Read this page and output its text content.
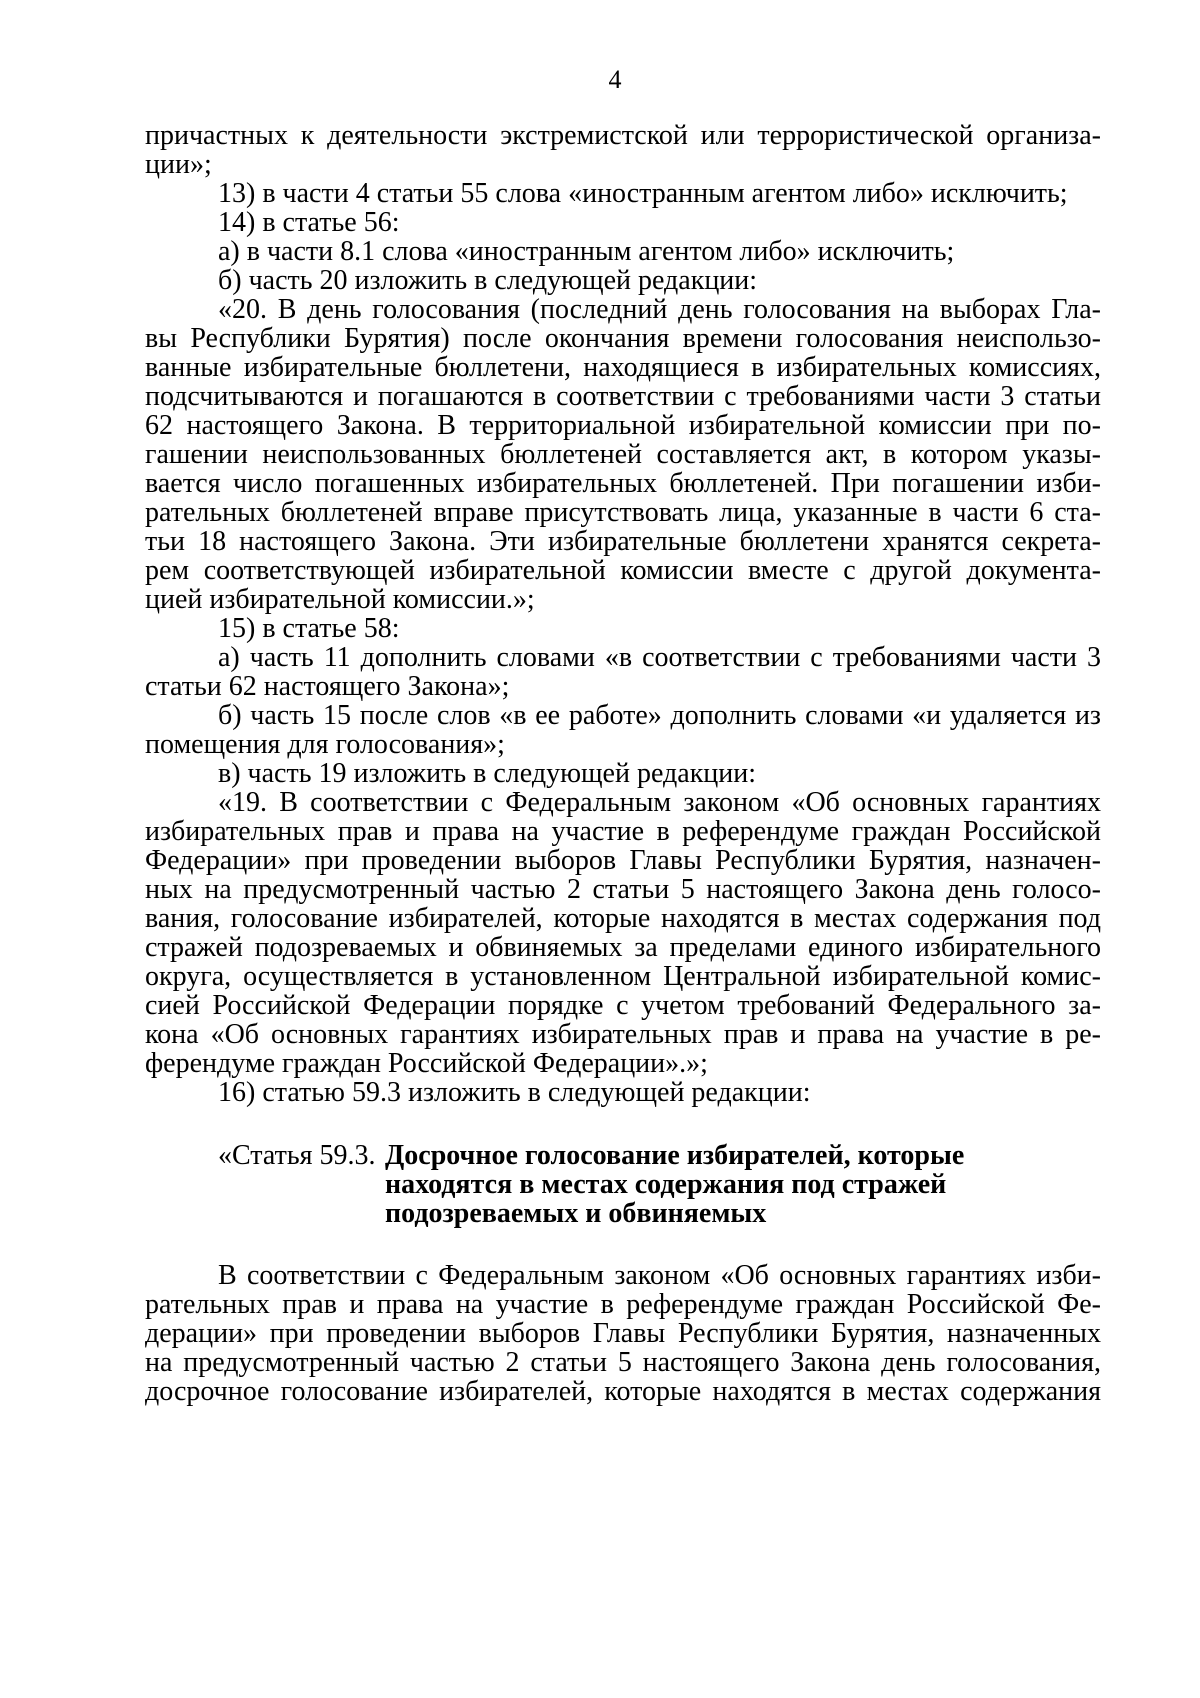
4
причастных к деятельности экстремистской или террористической организа-
ции»;
13) в части 4 статьи 55 слова «иностранным агентом либо» исключить;
14) в статье 56:
а) в части 8.1 слова «иностранным агентом либо» исключить;
б) часть 20 изложить в следующей редакции:
«20. В день голосования (последний день голосования на выборах Гла-
вы Республики Бурятия) после окончания времени голосования неиспользо-
ванные избирательные бюллетени, находящиеся в избирательных комиссиях,
подсчитываются и погашаются в соответствии с требованиями части 3 статьи
62 настоящего Закона. В территориальной избирательной комиссии при по-
гашении неиспользованных бюллетеней составляется акт, в котором указы-
вается число погашенных избирательных бюллетеней. При погашении изби-
рательных бюллетеней вправе присутствовать лица, указанные в части 6 ста-
тьи 18 настоящего Закона. Эти избирательные бюллетени хранятся секрета-
рем соответствующей избирательной комиссии вместе с другой документа-
цией избирательной комиссии.»;
15) в статье 58:
а) часть 11 дополнить словами «в соответствии с требованиями части 3
статьи 62 настоящего Закона»;
б) часть 15 после слов «в ее работе» дополнить словами «и удаляется из
помещения для голосования»;
в) часть 19 изложить в следующей редакции:
«19. В соответствии с Федеральным законом «Об основных гарантиях
избирательных прав и права на участие в референдуме граждан Российской
Федерации» при проведении выборов Главы Республики Бурятия, назначен-
ных на предусмотренный частью 2 статьи 5 настоящего Закона день голосо-
вания, голосование избирателей, которые находятся в местах содержания под
стражей подозреваемых и обвиняемых за пределами единого избирательного
округа, осуществляется в установленном Центральной избирательной комис-
сией Российской Федерации порядке с учетом требований Федерального за-
кона «Об основных гарантиях избирательных прав и права на участие в ре-
ферендуме граждан Российской Федерации».»;
16) статью 59.3 изложить в следующей редакции:
«Статья 59.3. Досрочное голосование избирателей, которые
находятся в местах содержания под стражей
подозреваемых и обвиняемых
В соответствии с Федеральным законом «Об основных гарантиях изби-
рательных прав и права на участие в референдуме граждан Российской Фе-
дерации» при проведении выборов Главы Республики Бурятия, назначенных
на предусмотренный частью 2 статьи 5 настоящего Закона день голосования,
досрочное голосование избирателей, которые находятся в местах содержания
